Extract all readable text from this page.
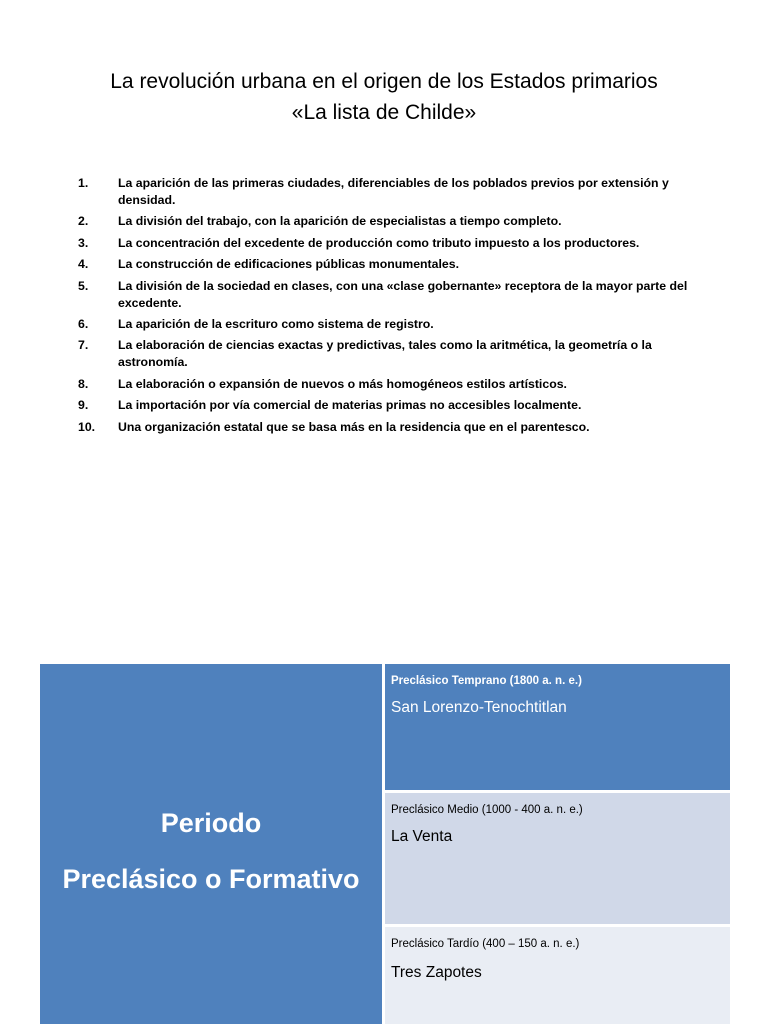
La revolución urbana en el origen de los Estados primarios
«La lista de Childe»
1.	La aparición de las primeras ciudades, diferenciables de los poblados previos por extensión y densidad.
2.	La división del trabajo, con la aparición de especialistas a tiempo completo.
3.	La concentración del excedente de producción como tributo impuesto a los productores.
4.	La construcción de edificaciones públicas monumentales.
5.	La división de la sociedad en clases, con una «clase gobernante» receptora de la mayor parte del excedente.
6.	La aparición de la escrituro como sistema de registro.
7.	La elaboración de ciencias exactas y predictivas, tales como la aritmética, la geometría o la astronomía.
8.	La elaboración o expansión de nuevos o más homogéneos estilos artísticos.
9.	La importación por vía comercial de materias primas no accesibles localmente.
10.	Una organización estatal que se basa más en la residencia que en el parentesco.
Periodo
Preclásico o Formativo
Preclásico Temprano (1800 a. n. e.)
San Lorenzo-Tenochtitlan
Preclásico Medio (1000 - 400 a. n. e.)
La Venta
Preclásico Tardío (400 – 150 a. n. e.)
Tres Zapotes
